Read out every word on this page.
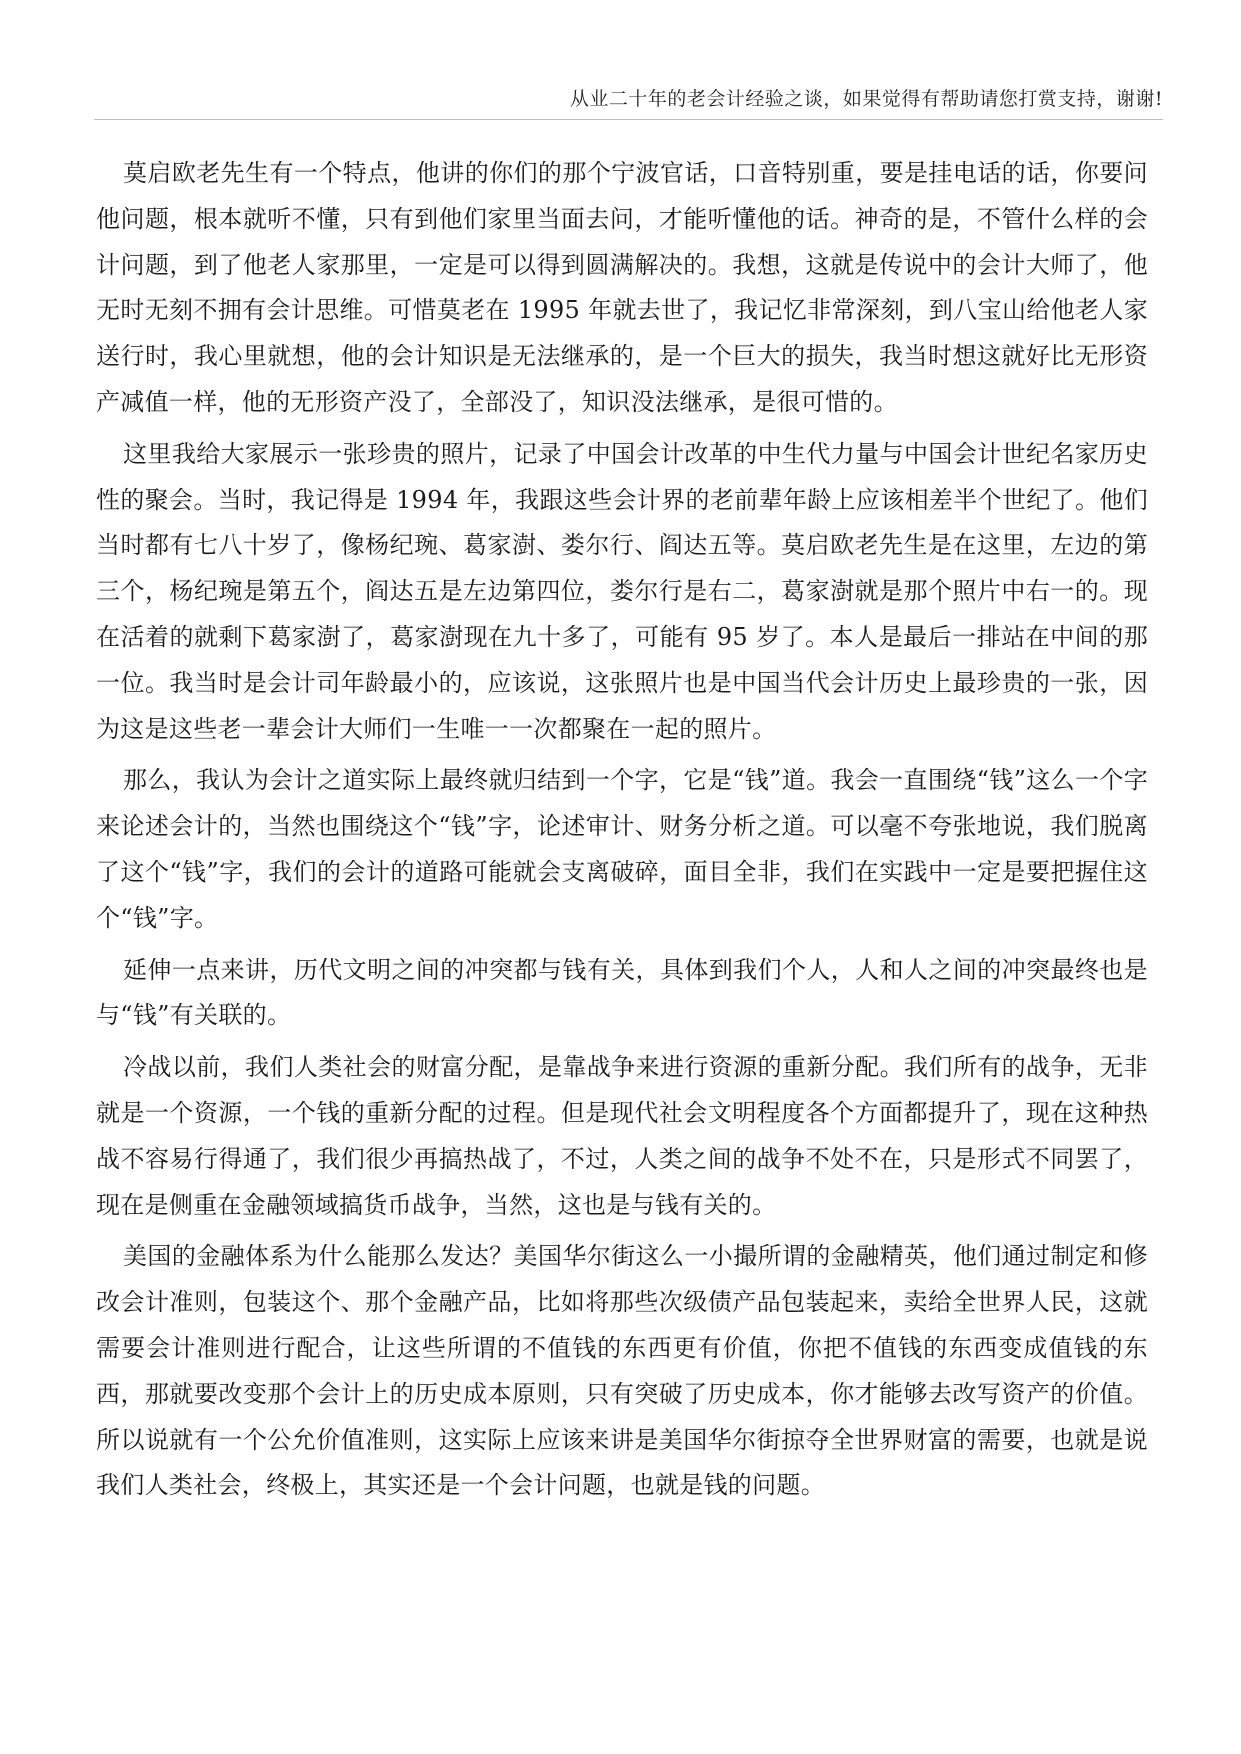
从业二十年的老会计经验之谈，如果觉得有帮助请您打赏支持，谢谢!

莫启欧老先生有一个特点，他讲的你们的那个宁波官话，口音特别重，要是挂电话的话，你要问他问题，根本就听不懂，只有到他们家里当面去问，才能听懂他的话。神奇的是，不管什么样的会计问题，到了他老人家那里，一定是可以得到圆满解决的。我想，这就是传说中的会计大师了，他无时无刻不拥有会计思维。可惜莫老在 1995 年就去世了，我记忆非常深刻，到八宝山给他老人家送行时，我心里就想，他的会计知识是无法继承的，是一个巨大的损失，我当时想这就好比无形资产减值一样，他的无形资产没了，全部没了，知识没法继承，是很可惜的。

这里我给大家展示一张珍贵的照片，记录了中国会计改革的中生代力量与中国会计世纪名家历史性的聚会。当时，我记得是 1994 年，我跟这些会计界的老前辈年龄上应该相差半个世纪了。他们当时都有七八十岁了，像杨纪琬、葛家澍、娄尔行、阎达五等。莫启欧老先生是在这里，左边的第三个，杨纪琬是第五个，阎达五是左边第四位，娄尔行是右二，葛家澍就是那个照片中右一的。现在活着的就剩下葛家澍了，葛家澍现在九十多了，可能有 95 岁了。本人是最后一排站在中间的那一位。我当时是会计司年龄最小的，应该说，这张照片也是中国当代会计历史上最珍贵的一张，因为这是这些老一辈会计大师们一生唯一一次都聚在一起的照片。

那么，我认为会计之道实际上最终就归结到一个字，它是“钱”道。我会一直围绕“钱”这么一个字来论述会计的，当然也围绕这个“钱”字，论述审计、财务分析之道。可以毫不夸张地说，我们脱离了这个“钱”字，我们的会计的道路可能就会支离破碎，面目全非，我们在实践中一定是要把握住这个“钱”字。

延伸一点来讲，历代文明之间的冲突都与钱有关，具体到我们个人，人和人之间的冲突最终也是与“钱”有关联的。

冷战以前，我们人类社会的财富分配，是靠战争来进行资源的重新分配。我们所有的战争，无非就是一个资源，一个钱的重新分配的过程。但是现代社会文明程度各个方面都提升了，现在这种热战不容易行得通了，我们很少再搞热战了，不过，人类之间的战争不处不在，只是形式不同罢了，现在是侧重在金融领域搞货币战争，当然，这也是与钱有关的。

美国的金融体系为什么能那么发达？美国华尔街这么一小撮所谓的金融精英，他们通过制定和修改会计准则，包装这个、那个金融产品，比如将那些次级债产品包装起来，卖给全世界人民，这就需要会计准则进行配合，让这些所谓的不值钱的东西更有价值，你把不值钱的东西变成值钱的东西，那就要改变那个会计上的历史成本原则，只有突破了历史成本，你才能够去改写资产的价值。所以说就有一个公允价值准则，这实际上应该来讲是美国华尔街掠夺全世界财富的需要，也就是说我们人类社会，终极上，其实还是一个会计问题，也就是钱的问题。
